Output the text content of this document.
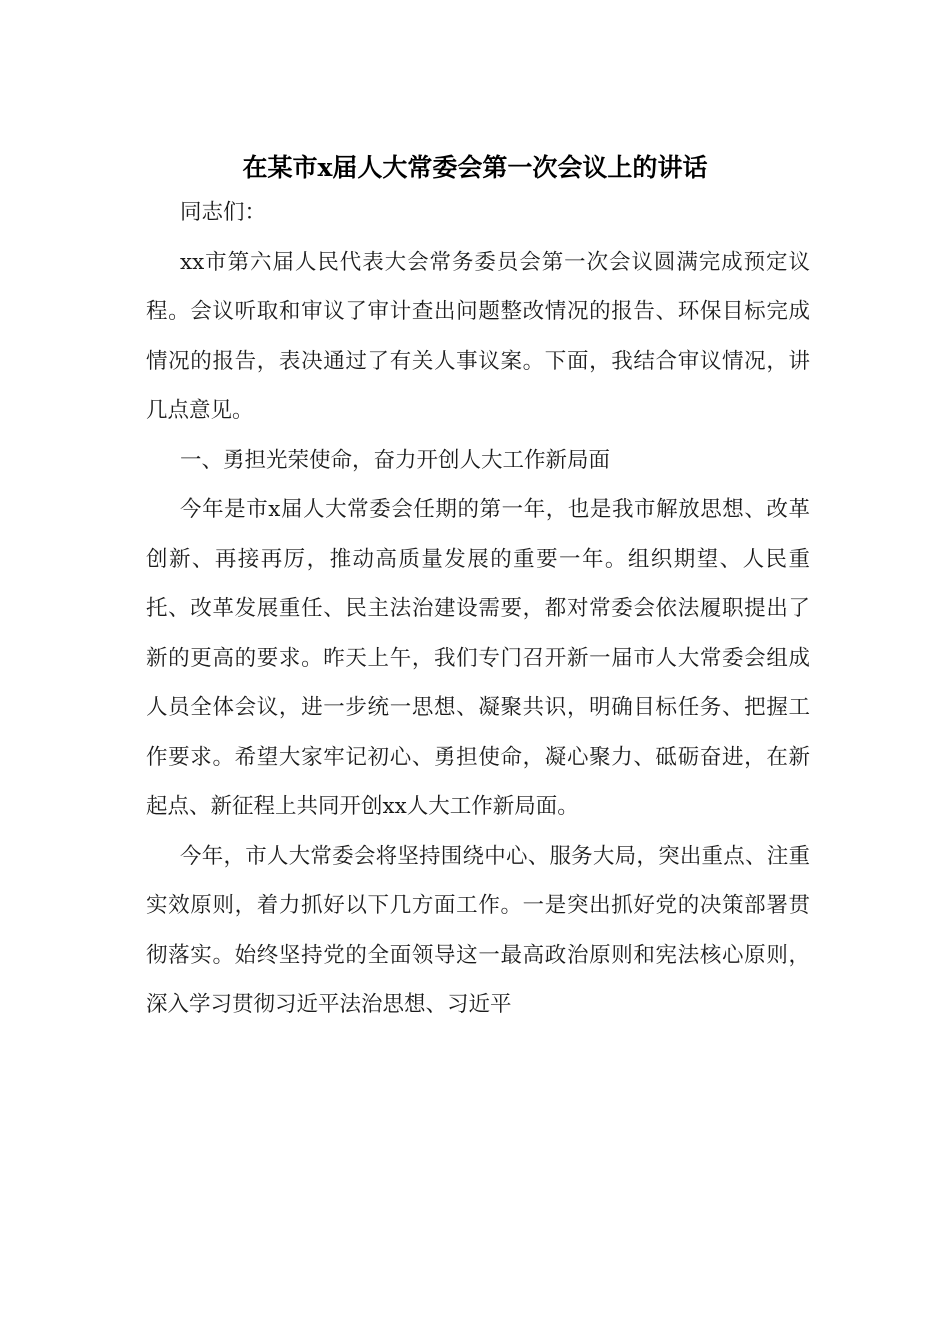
在某市x届人大常委会第一次会议上的讲话

同志们：

xx市第六届人民代表大会常务委员会第一次会议圆满完成预定议程。会议听取和审议了审计查出问题整改情况的报告、环保目标完成情况的报告，表决通过了有关人事议案。下面，我结合审议情况，讲几点意见。

一、勇担光荣使命，奋力开创人大工作新局面

今年是市x届人大常委会任期的第一年，也是我市解放思想、改革创新、再接再厉，推动高质量发展的重要一年。组织期望、人民重托、改革发展重任、民主法治建设需要，都对常委会依法履职提出了新的更高的要求。昨天上午，我们专门召开新一届市人大常委会组成人员全体会议，进一步统一思想、凝聚共识，明确目标任务、把握工作要求。希望大家牢记初心、勇担使命，凝心聚力、砥砺奋进，在新起点、新征程上共同开创xx人大工作新局面。

今年，市人大常委会将坚持围绕中心、服务大局，突出重点、注重实效原则，着力抓好以下几方面工作。一是突出抓好党的决策部署贯彻落实。始终坚持党的全面领导这一最高政治原则和宪法核心原则，深入学习贯彻习近平法治思想、习近平
